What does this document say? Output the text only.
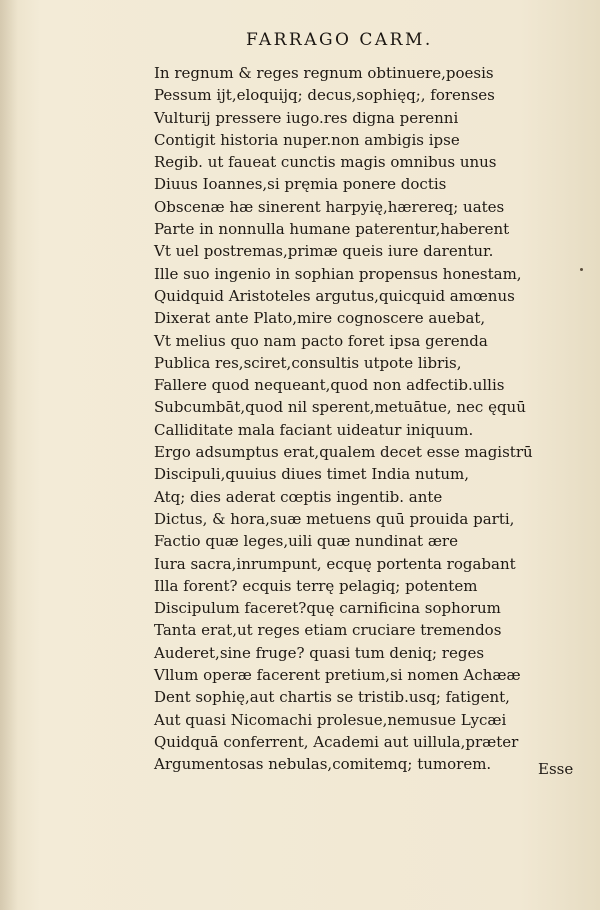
FARRAGO CARM.
In regnum & reges regnum obtinuere,poesis
Pessum ijt,eloquijq; decus,sophięq;, forenses
Vulturij pressere iugo.res digna perenni
Contigit historia nuper.non ambigis ipse
Regib. ut faueat cunctis magis omnibus unus
Diuus Ioannes,si pręmia ponere doctis
Obscenæ hæ sinerent harpyię,hærereq; uates
Parte in nonnulla humane paterentur,haberent
Vt uel postremas,primæ queis iure darentur.
Ille suo ingenio in sophian propensus honestam,
Quidquid Aristoteles argutus,quicquid amœnus
Dixerat ante Plato,mire cognoscere auebat,
Vt melius quo nam pacto foret ipsa gerenda
Publica res,sciret,consultis utpote libris,
Fallere quod nequeant,quod non adfectib.ullis
Subcumbāt,quod nil sperent,metuātue, nec ęquū
Calliditate mala faciant uideatur iniquum.
Ergo adsumptus erat,qualem decet esse magistrū
Discipuli,quuius diues timet India nutum,
Atq; dies aderat cœptis ingentib. ante
Dictus, & hora,suæ metuens quū prouida parti,
Factio quæ leges,uili quæ nundinat ære
Iura sacra,inrumpunt, ecquę portenta rogabant
Illa forent? ecquis terrę pelagiq; potentem
Discipulum faceret?quę carnificina sophorum
Tanta erat,ut reges etiam cruciare tremendos
Auderet,sine fruge? quasi tum deniq; reges
Vllum operæ facerent pretium,si nomen Achææ
Dent sophię,aut chartis se tristib.usq; fatigent,
Aut quasi Nicomachi prolesue,nemusue Lycæi
Quidquā conferrent, Academi aut uillula,præter
Argumentosas nebulas,comitemq; tumorem.	Esse
